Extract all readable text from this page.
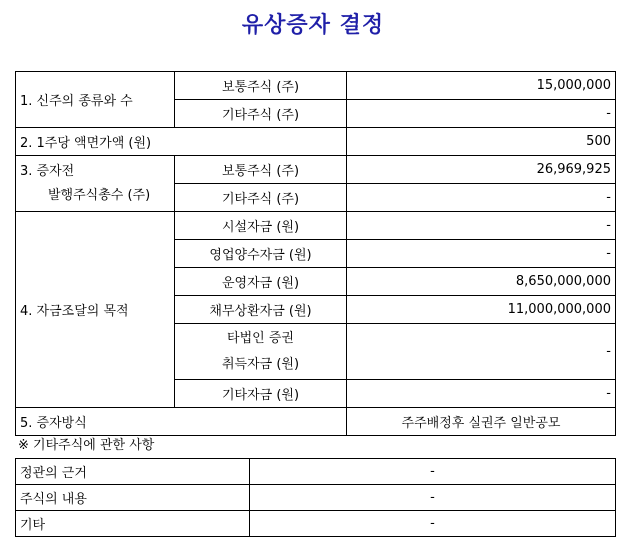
유상증자 결정
1. 신주의 종류와 수	보통주식 (주)	15,000,000
	기타주식 (주)	-
2. 1주당 액면가액 (원)		500

3. 증자전
발행주식총수 (주)	보통주식 (주)	26,969,925
	기타주식 (주)	-
4. 자금조달의 목적	시설자금 (원)	-
	영업양수자금 (원)	-
	운영자금 (원)	8,650,000,000
	채무상환자금 (원)	11,000,000,000

	타법인 증권
취득자금 (원)	-
	기타자금 (원)	-
5. 증자방식		주주배정후 실권주 일반공모
※ 기타주식에 관한 사항
정관의 근거	-
주식의 내용	-
기타	-
